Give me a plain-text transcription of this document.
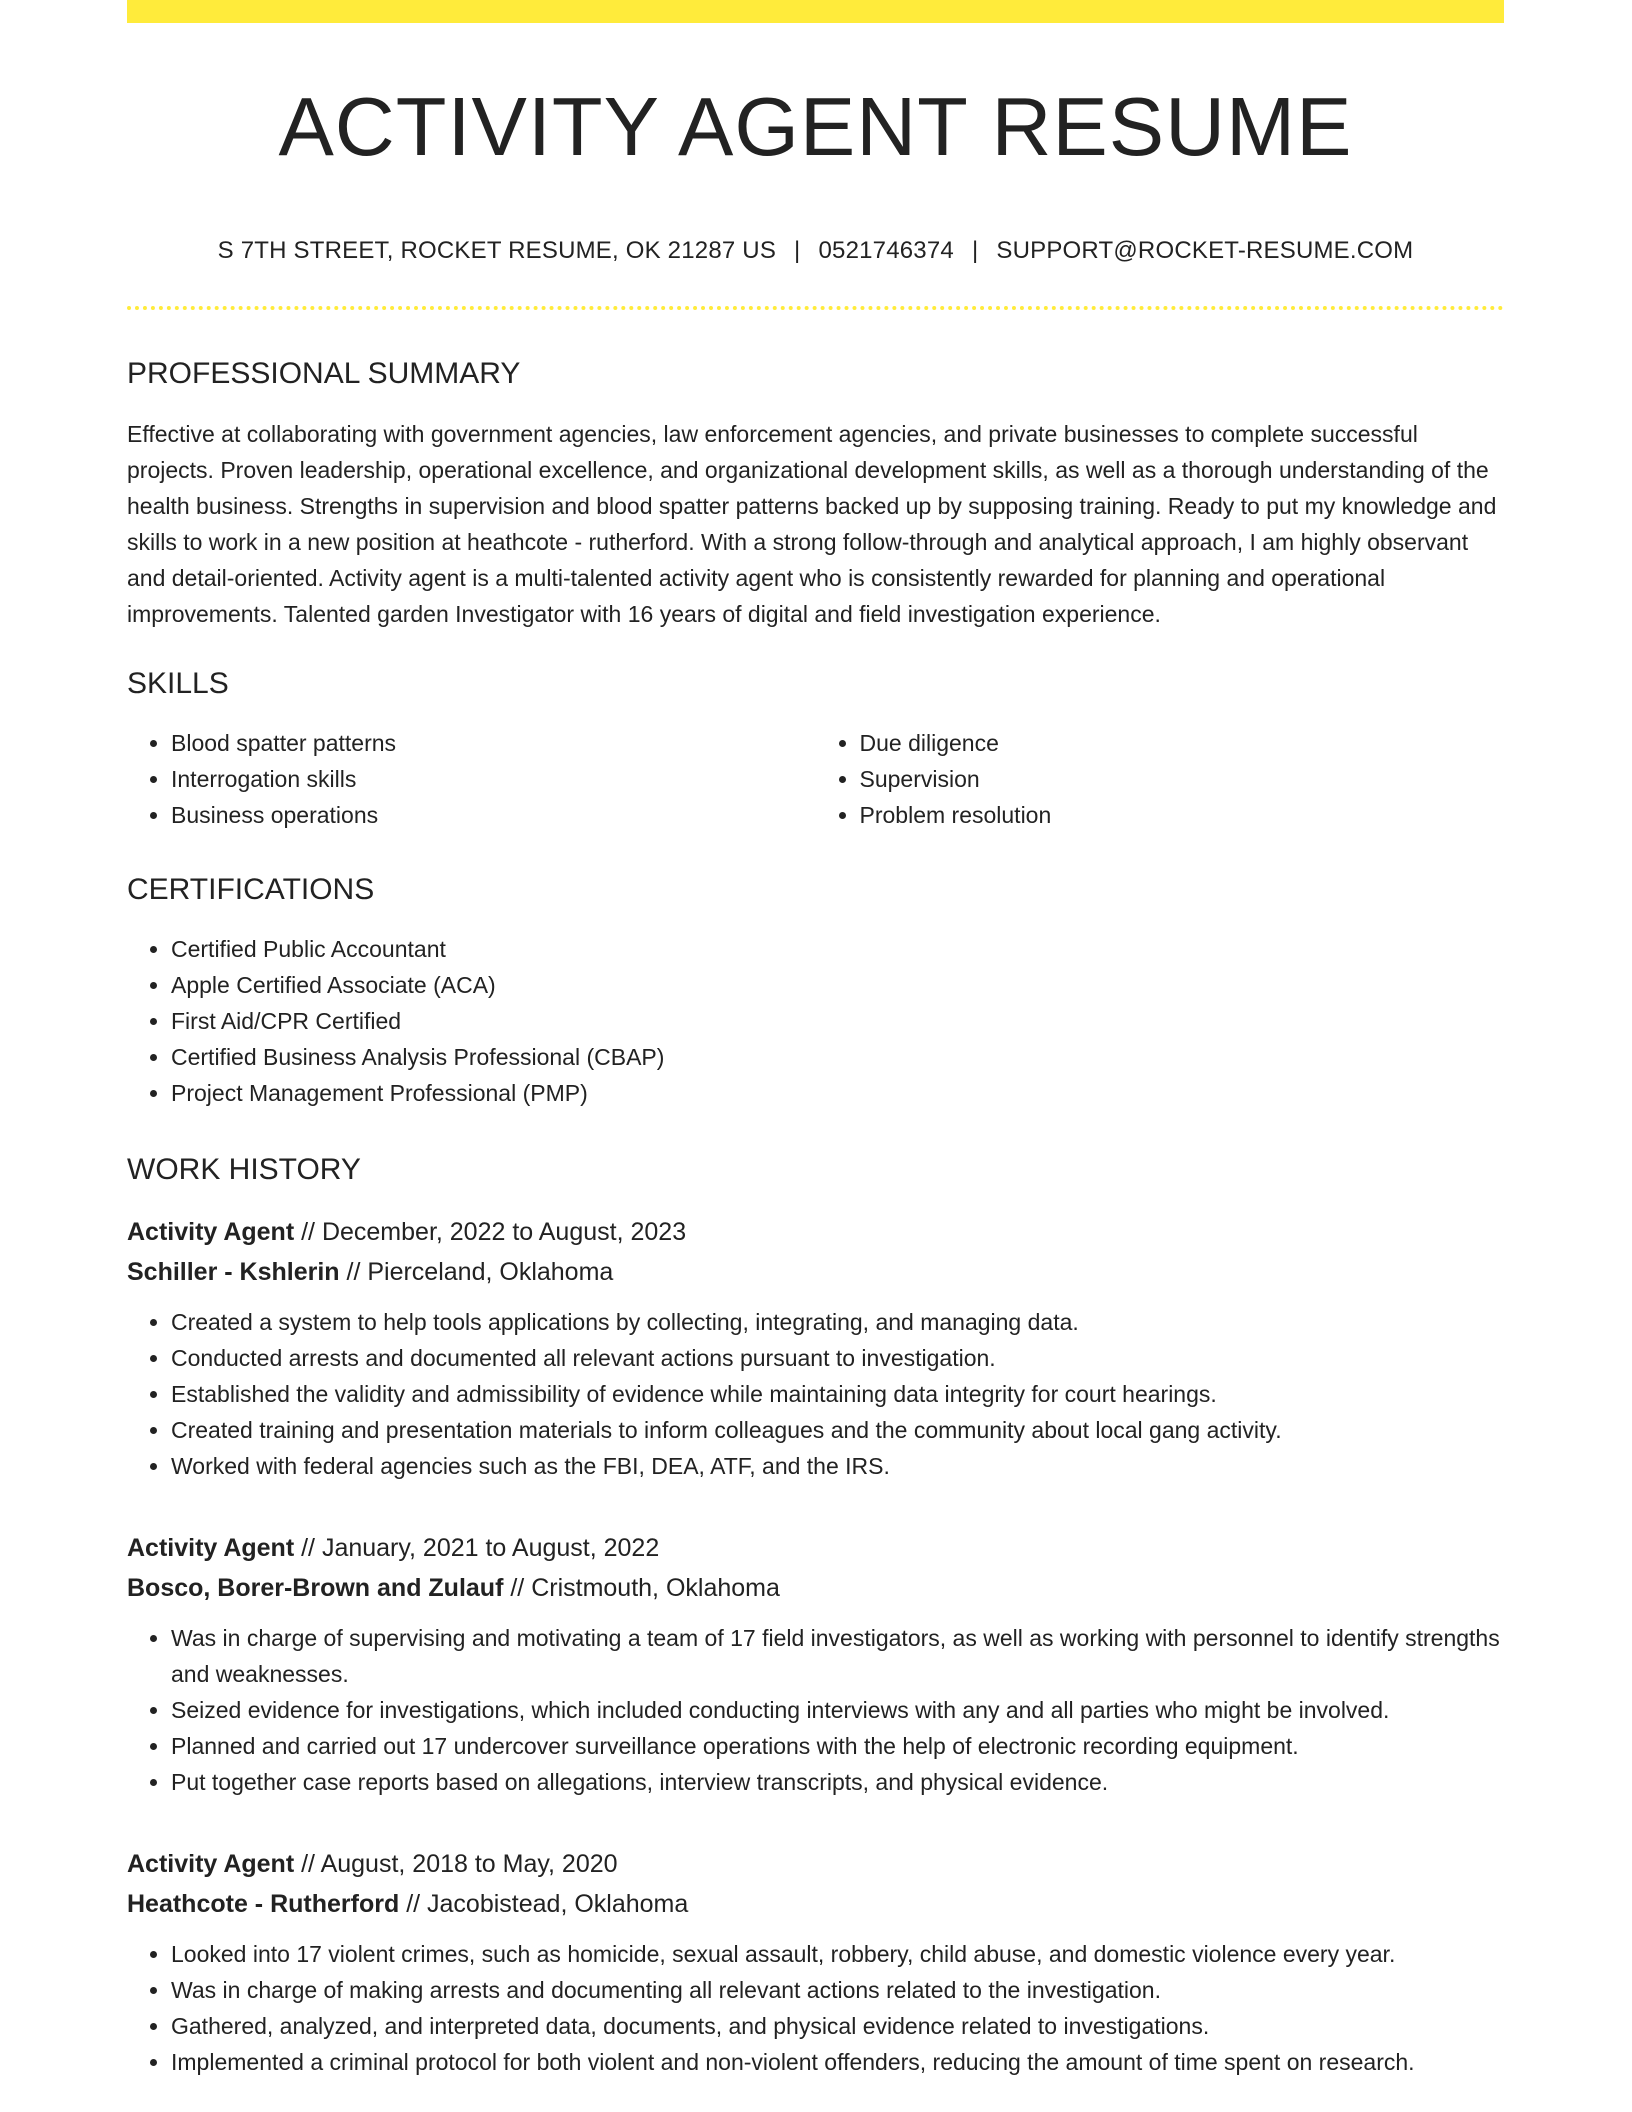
ACTIVITY AGENT RESUME
S 7TH STREET, ROCKET RESUME, OK 21287 US | 0521746374 | SUPPORT@ROCKET-RESUME.COM
PROFESSIONAL SUMMARY
Effective at collaborating with government agencies, law enforcement agencies, and private businesses to complete successful projects. Proven leadership, operational excellence, and organizational development skills, as well as a thorough understanding of the health business. Strengths in supervision and blood spatter patterns backed up by supposing training. Ready to put my knowledge and skills to work in a new position at heathcote - rutherford. With a strong follow-through and analytical approach, I am highly observant and detail-oriented. Activity agent is a multi-talented activity agent who is consistently rewarded for planning and operational improvements. Talented garden Investigator with 16 years of digital and field investigation experience.
SKILLS
• Blood spatter patterns
• Interrogation skills
• Business operations
• Due diligence
• Supervision
• Problem resolution
CERTIFICATIONS
• Certified Public Accountant
• Apple Certified Associate (ACA)
• First Aid/CPR Certified
• Certified Business Analysis Professional (CBAP)
• Project Management Professional (PMP)
WORK HISTORY
Activity Agent // December, 2022 to August, 2023
Schiller - Kshlerin // Pierceland, Oklahoma
• Created a system to help tools applications by collecting, integrating, and managing data.
• Conducted arrests and documented all relevant actions pursuant to investigation.
• Established the validity and admissibility of evidence while maintaining data integrity for court hearings.
• Created training and presentation materials to inform colleagues and the community about local gang activity.
• Worked with federal agencies such as the FBI, DEA, ATF, and the IRS.
Activity Agent // January, 2021 to August, 2022
Bosco, Borer-Brown and Zulauf // Cristmouth, Oklahoma
• Was in charge of supervising and motivating a team of 17 field investigators, as well as working with personnel to identify strengths and weaknesses.
• Seized evidence for investigations, which included conducting interviews with any and all parties who might be involved.
• Planned and carried out 17 undercover surveillance operations with the help of electronic recording equipment.
• Put together case reports based on allegations, interview transcripts, and physical evidence.
Activity Agent // August, 2018 to May, 2020
Heathcote - Rutherford // Jacobistead, Oklahoma
• Looked into 17 violent crimes, such as homicide, sexual assault, robbery, child abuse, and domestic violence every year.
• Was in charge of making arrests and documenting all relevant actions related to the investigation.
• Gathered, analyzed, and interpreted data, documents, and physical evidence related to investigations.
• Implemented a criminal protocol for both violent and non-violent offenders, reducing the amount of time spent on research.
